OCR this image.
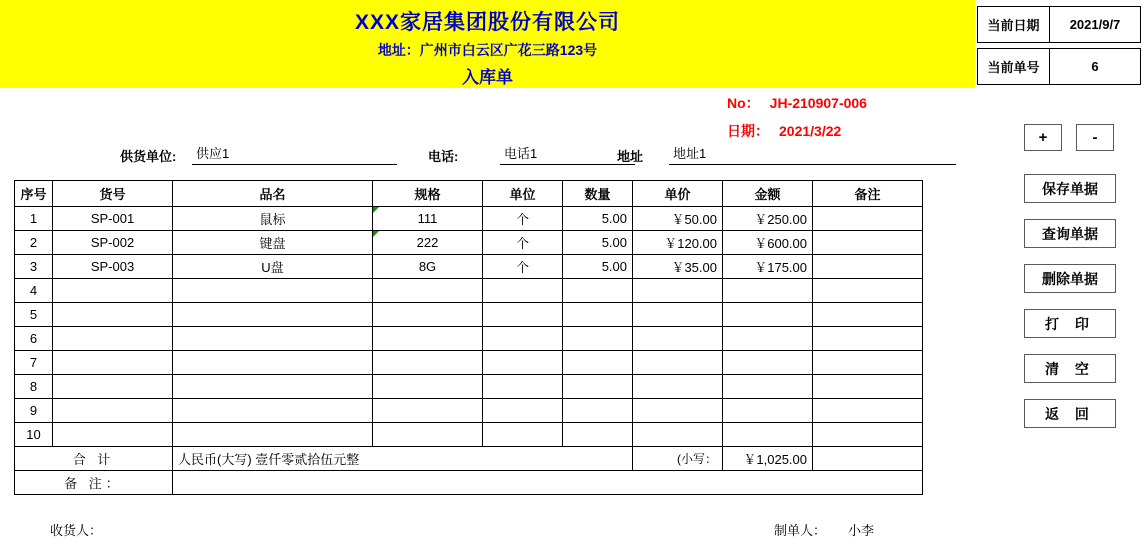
XXX家居集团股份有限公司
地址：广州市白云区广花三路123号
入库单
当前日期	2021/9/7
当前单号	6
No： JH-210907-006
日期： 2021/3/22
供货单位:	供应1	电话:	电话1	地址	地址1
序号	货号	品名	规格	单位	数量	单价	金额	备注
1	SP-001	鼠标	111	个	5.00	￥50.00	￥250.00	
2	SP-002	键盘	222	个	5.00	￥120.00	￥600.00	
3	SP-003	U盘	8G	个	5.00	￥35.00	￥175.00	
4								
5								
6								
7								
8								
9								
10								
合 计		人民币(大写) 壹仟零贰拾伍元整				(小写：	￥1,025.00	
备 注：								
收货人：	制单人： 小李
+	-
保存单据
查询单据
删除单据
打 印
清 空
返 回
